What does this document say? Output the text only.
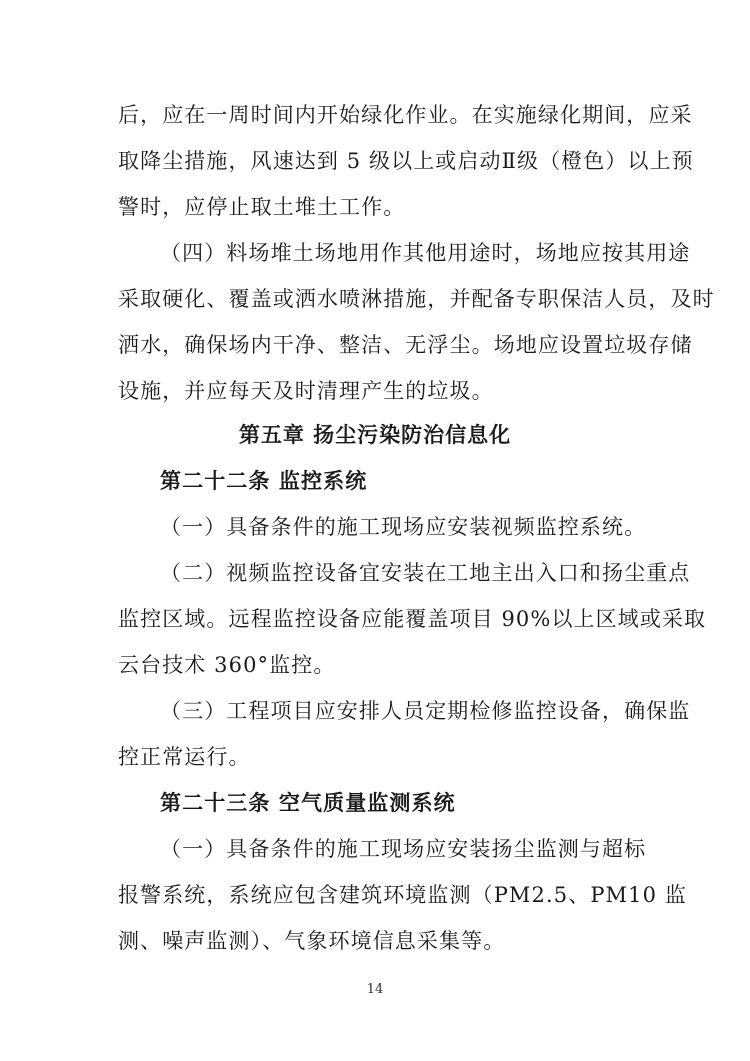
后，应在一周时间内开始绿化作业。在实施绿化期间，应采
取降尘措施，风速达到 5 级以上或启动Ⅱ级（橙色）以上预
警时，应停止取土堆土工作。
（四）料场堆土场地用作其他用途时，场地应按其用途
采取硬化、覆盖或洒水喷淋措施，并配备专职保洁人员，及时
洒水，确保场内干净、整洁、无浮尘。场地应设置垃圾存储
设施，并应每天及时清理产生的垃圾。
第五章 扬尘污染防治信息化
第二十二条 监控系统
（一）具备条件的施工现场应安装视频监控系统。
（二）视频监控设备宜安装在工地主出入口和扬尘重点
监控区域。远程监控设备应能覆盖项目 90%以上区域或采取
云台技术 360°监控。
（三）工程项目应安排人员定期检修监控设备，确保监
控正常运行。
第二十三条 空气质量监测系统
（一）具备条件的施工现场应安装扬尘监测与超标
报警系统，系统应包含建筑环境监测（PM2.5、PM10 监
测、噪声监测）、气象环境信息采集等。
14
